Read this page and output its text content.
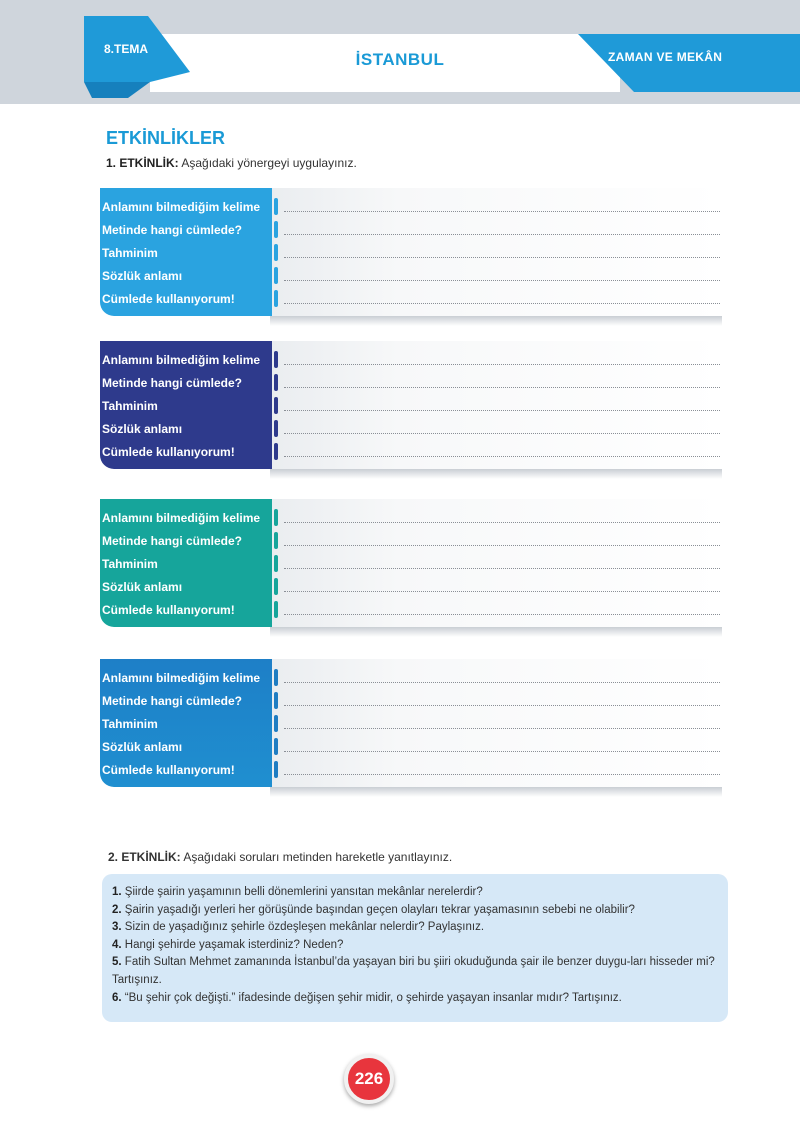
8.TEMA
İSTANBUL	ZAMAN VE MEKÂN
ETKİNLİKLER
1. ETKİNLİK: Aşağıdaki yönergeyi uygulayınız.
Anlamını bilmediğim kelime
Metinde hangi cümlede?
Tahminim
Sözlük anlamı
Cümlede kullanıyorum!
Anlamını bilmediğim kelime
Metinde hangi cümlede?
Tahminim
Sözlük anlamı
Cümlede kullanıyorum!
Anlamını bilmediğim kelime
Metinde hangi cümlede?
Tahminim
Sözlük anlamı
Cümlede kullanıyorum!
Anlamını bilmediğim kelime
Metinde hangi cümlede?
Tahminim
Sözlük anlamı
Cümlede kullanıyorum!
2. ETKİNLİK: Aşağıdaki soruları metinden hareketle yanıtlayınız.
1. Şiirde şairin yaşamının belli dönemlerini yansıtan mekânlar nerelerdir?
2. Şairin yaşadığı yerleri her görüşünde başından geçen olayları tekrar yaşamasının sebebi ne olabilir?
3. Sizin de yaşadığınız şehirle özdeşleşen mekânlar nelerdir? Paylaşınız.
4. Hangi şehirde yaşamak isterdiniz? Neden?
5. Fatih Sultan Mehmet zamanında İstanbul’da yaşayan biri bu şiiri okuduğunda şair ile benzer duygu-ları hisseder mi? Tartışınız.
6. “Bu şehir çok değişti.” ifadesinde değişen şehir midir, o şehirde yaşayan insanlar mıdır? Tartışınız.
226
